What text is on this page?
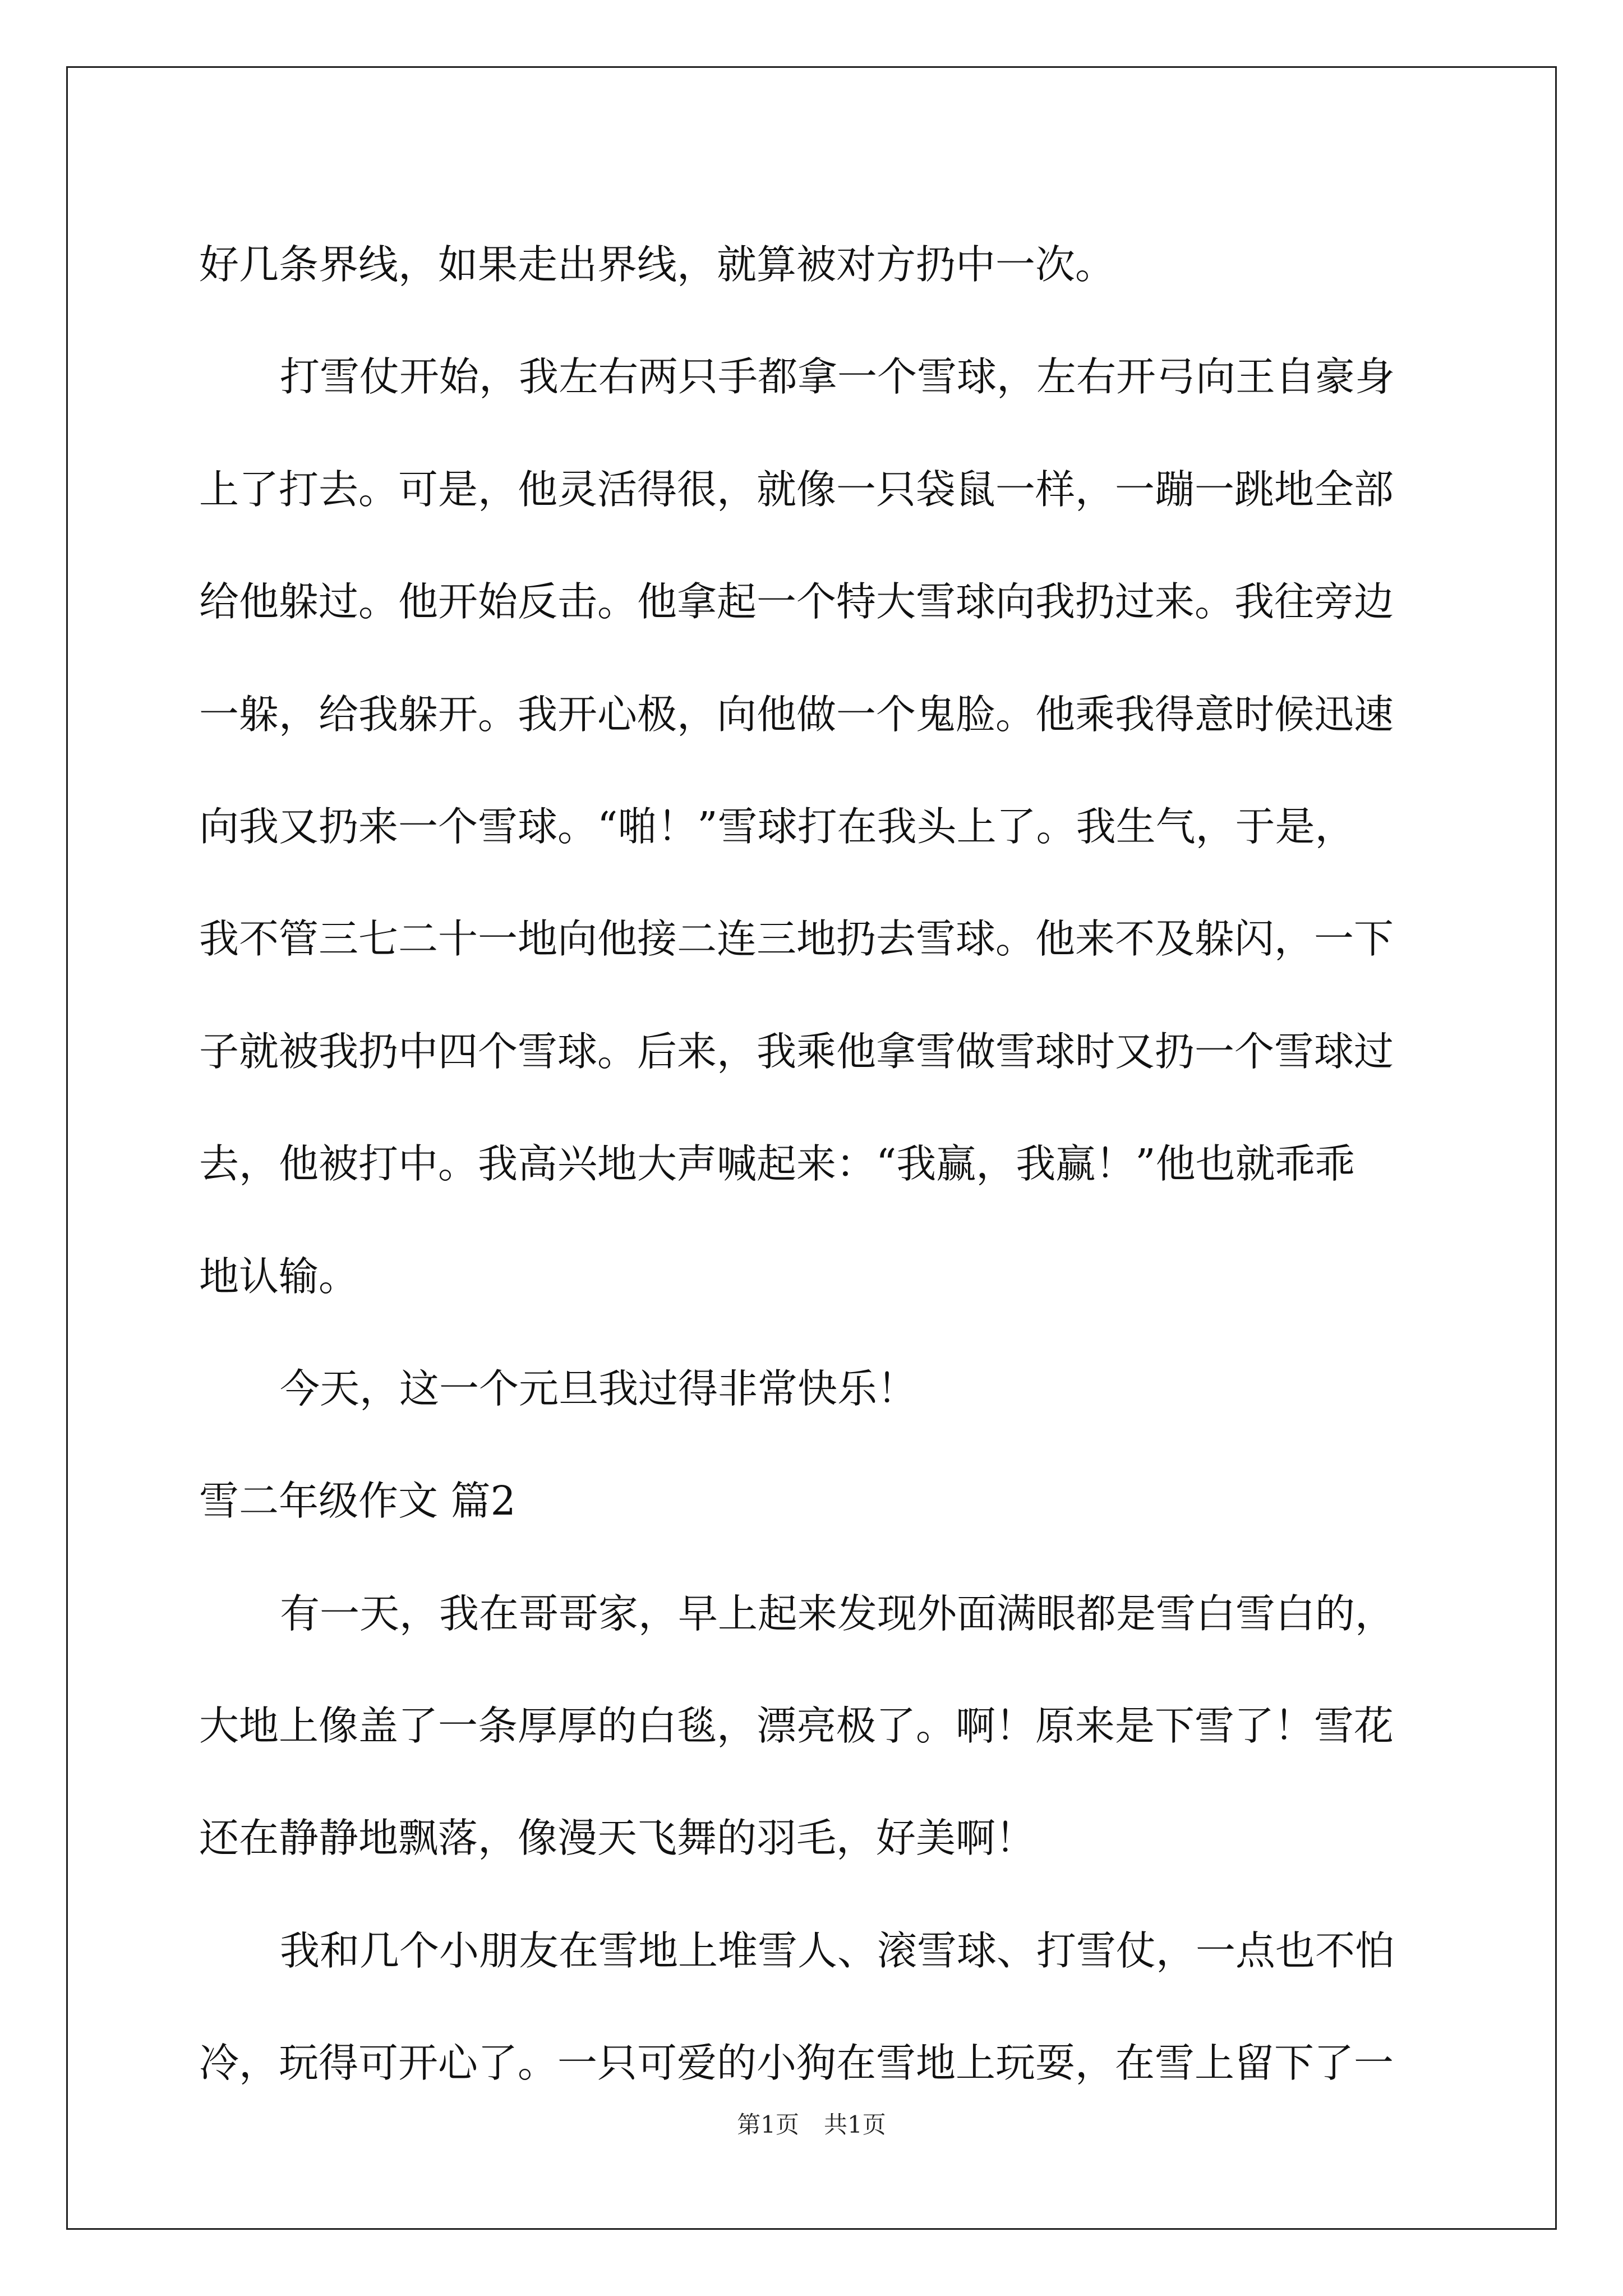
好几条界线，如果走出界线，就算被对方扔中一次。
打雪仗开始，我左右两只手都拿一个雪球，左右开弓向王自豪身
上了打去。可是，他灵活得很，就像一只袋鼠一样，一蹦一跳地全部
给他躲过。他开始反击。他拿起一个特大雪球向我扔过来。我往旁边
一躲，给我躲开。我开心极，向他做一个鬼脸。他乘我得意时候迅速
向我又扔来一个雪球。“啪！”雪球打在我头上了。我生气，于是，
我不管三七二十一地向他接二连三地扔去雪球。他来不及躲闪，一下
子就被我扔中四个雪球。后来，我乘他拿雪做雪球时又扔一个雪球过
去，他被打中。我高兴地大声喊起来：“我赢，我赢！”他也就乖乖
地认输。
今天，这一个元旦我过得非常快乐！
雪二年级作文 篇2
有一天，我在哥哥家，早上起来发现外面满眼都是雪白雪白的，
大地上像盖了一条厚厚的白毯，漂亮极了。啊！原来是下雪了！雪花
还在静静地飘落，像漫天飞舞的羽毛，好美啊！
我和几个小朋友在雪地上堆雪人、滚雪球、打雪仗，一点也不怕
冷，玩得可开心了。一只可爱的小狗在雪地上玩耍，在雪上留下了一
第1页 共1页
